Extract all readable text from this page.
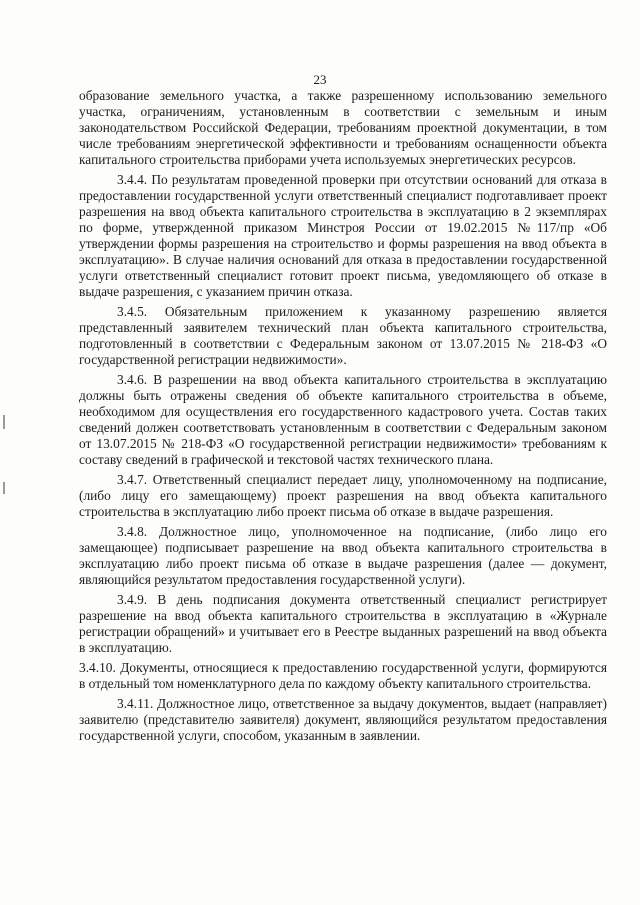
23

образование земельного участка, а также разрешенному использованию земельного участка, ограничениям, установленным в соответствии с земельным и иным законодательством Российской Федерации, требованиям проектной документации, в том числе требованиям энергетической эффективности и требованиям оснащенности объекта капитального строительства приборами учета используемых энергетических ресурсов.

3.4.4. По результатам проведенной проверки при отсутствии оснований для отказа в предоставлении государственной услуги ответственный специалист подготавливает проект разрешения на ввод объекта капитального строительства в эксплуатацию в 2 экземплярах по форме, утвержденной приказом Минстроя России от 19.02.2015 №117/пр «Об утверждении формы разрешения на строительство и формы разрешения на ввод объекта в эксплуатацию». В случае наличия оснований для отказа в предоставлении государственной услуги ответственный специалист готовит проект письма, уведомляющего об отказе в выдаче разрешения, с указанием причин отказа.

3.4.5. Обязательным приложением к указанному разрешению является представленный заявителем технический план объекта капитального строительства, подготовленный в соответствии с Федеральным законом от 13.07.2015 № 218-ФЗ «О государственной регистрации недвижимости».

3.4.6. В разрешении на ввод объекта капитального строительства в эксплуатацию должны быть отражены сведения об объекте капитального строительства в объеме, необходимом для осуществления его государственного кадастрового учета. Состав таких сведений должен соответствовать установленным в соответствии с Федеральным законом от 13.07.2015 № 218-ФЗ «О государственной регистрации недвижимости» требованиям к составу сведений в графической и текстовой частях технического плана.

3.4.7. Ответственный специалист передает лицу, уполномоченному на подписание, (либо лицу его замещающему) проект разрешения на ввод объекта капитального строительства в эксплуатацию либо проект письма об отказе в выдаче разрешения.

3.4.8. Должностное лицо, уполномоченное на подписание, (либо лицо его замещающее) подписывает разрешение на ввод объекта капитального строительства в эксплуатацию либо проект письма об отказе в выдаче разрешения (далее — документ, являющийся результатом предоставления государственной услуги).

3.4.9. В день подписания документа ответственный специалист регистрирует разрешение на ввод объекта капитального строительства в эксплуатацию в «Журнале регистрации обращений» и учитывает его в Реестре выданных разрешений на ввод объекта в эксплуатацию.

3.4.10. Документы, относящиеся к предоставлению государственной услуги, формируются в отдельный том номенклатурного дела по каждому объекту капитального строительства.

3.4.11. Должностное лицо, ответственное за выдачу документов, выдает (направляет) заявителю (представителю заявителя) документ, являющийся результатом предоставления государственной услуги, способом, указанным в заявлении.
